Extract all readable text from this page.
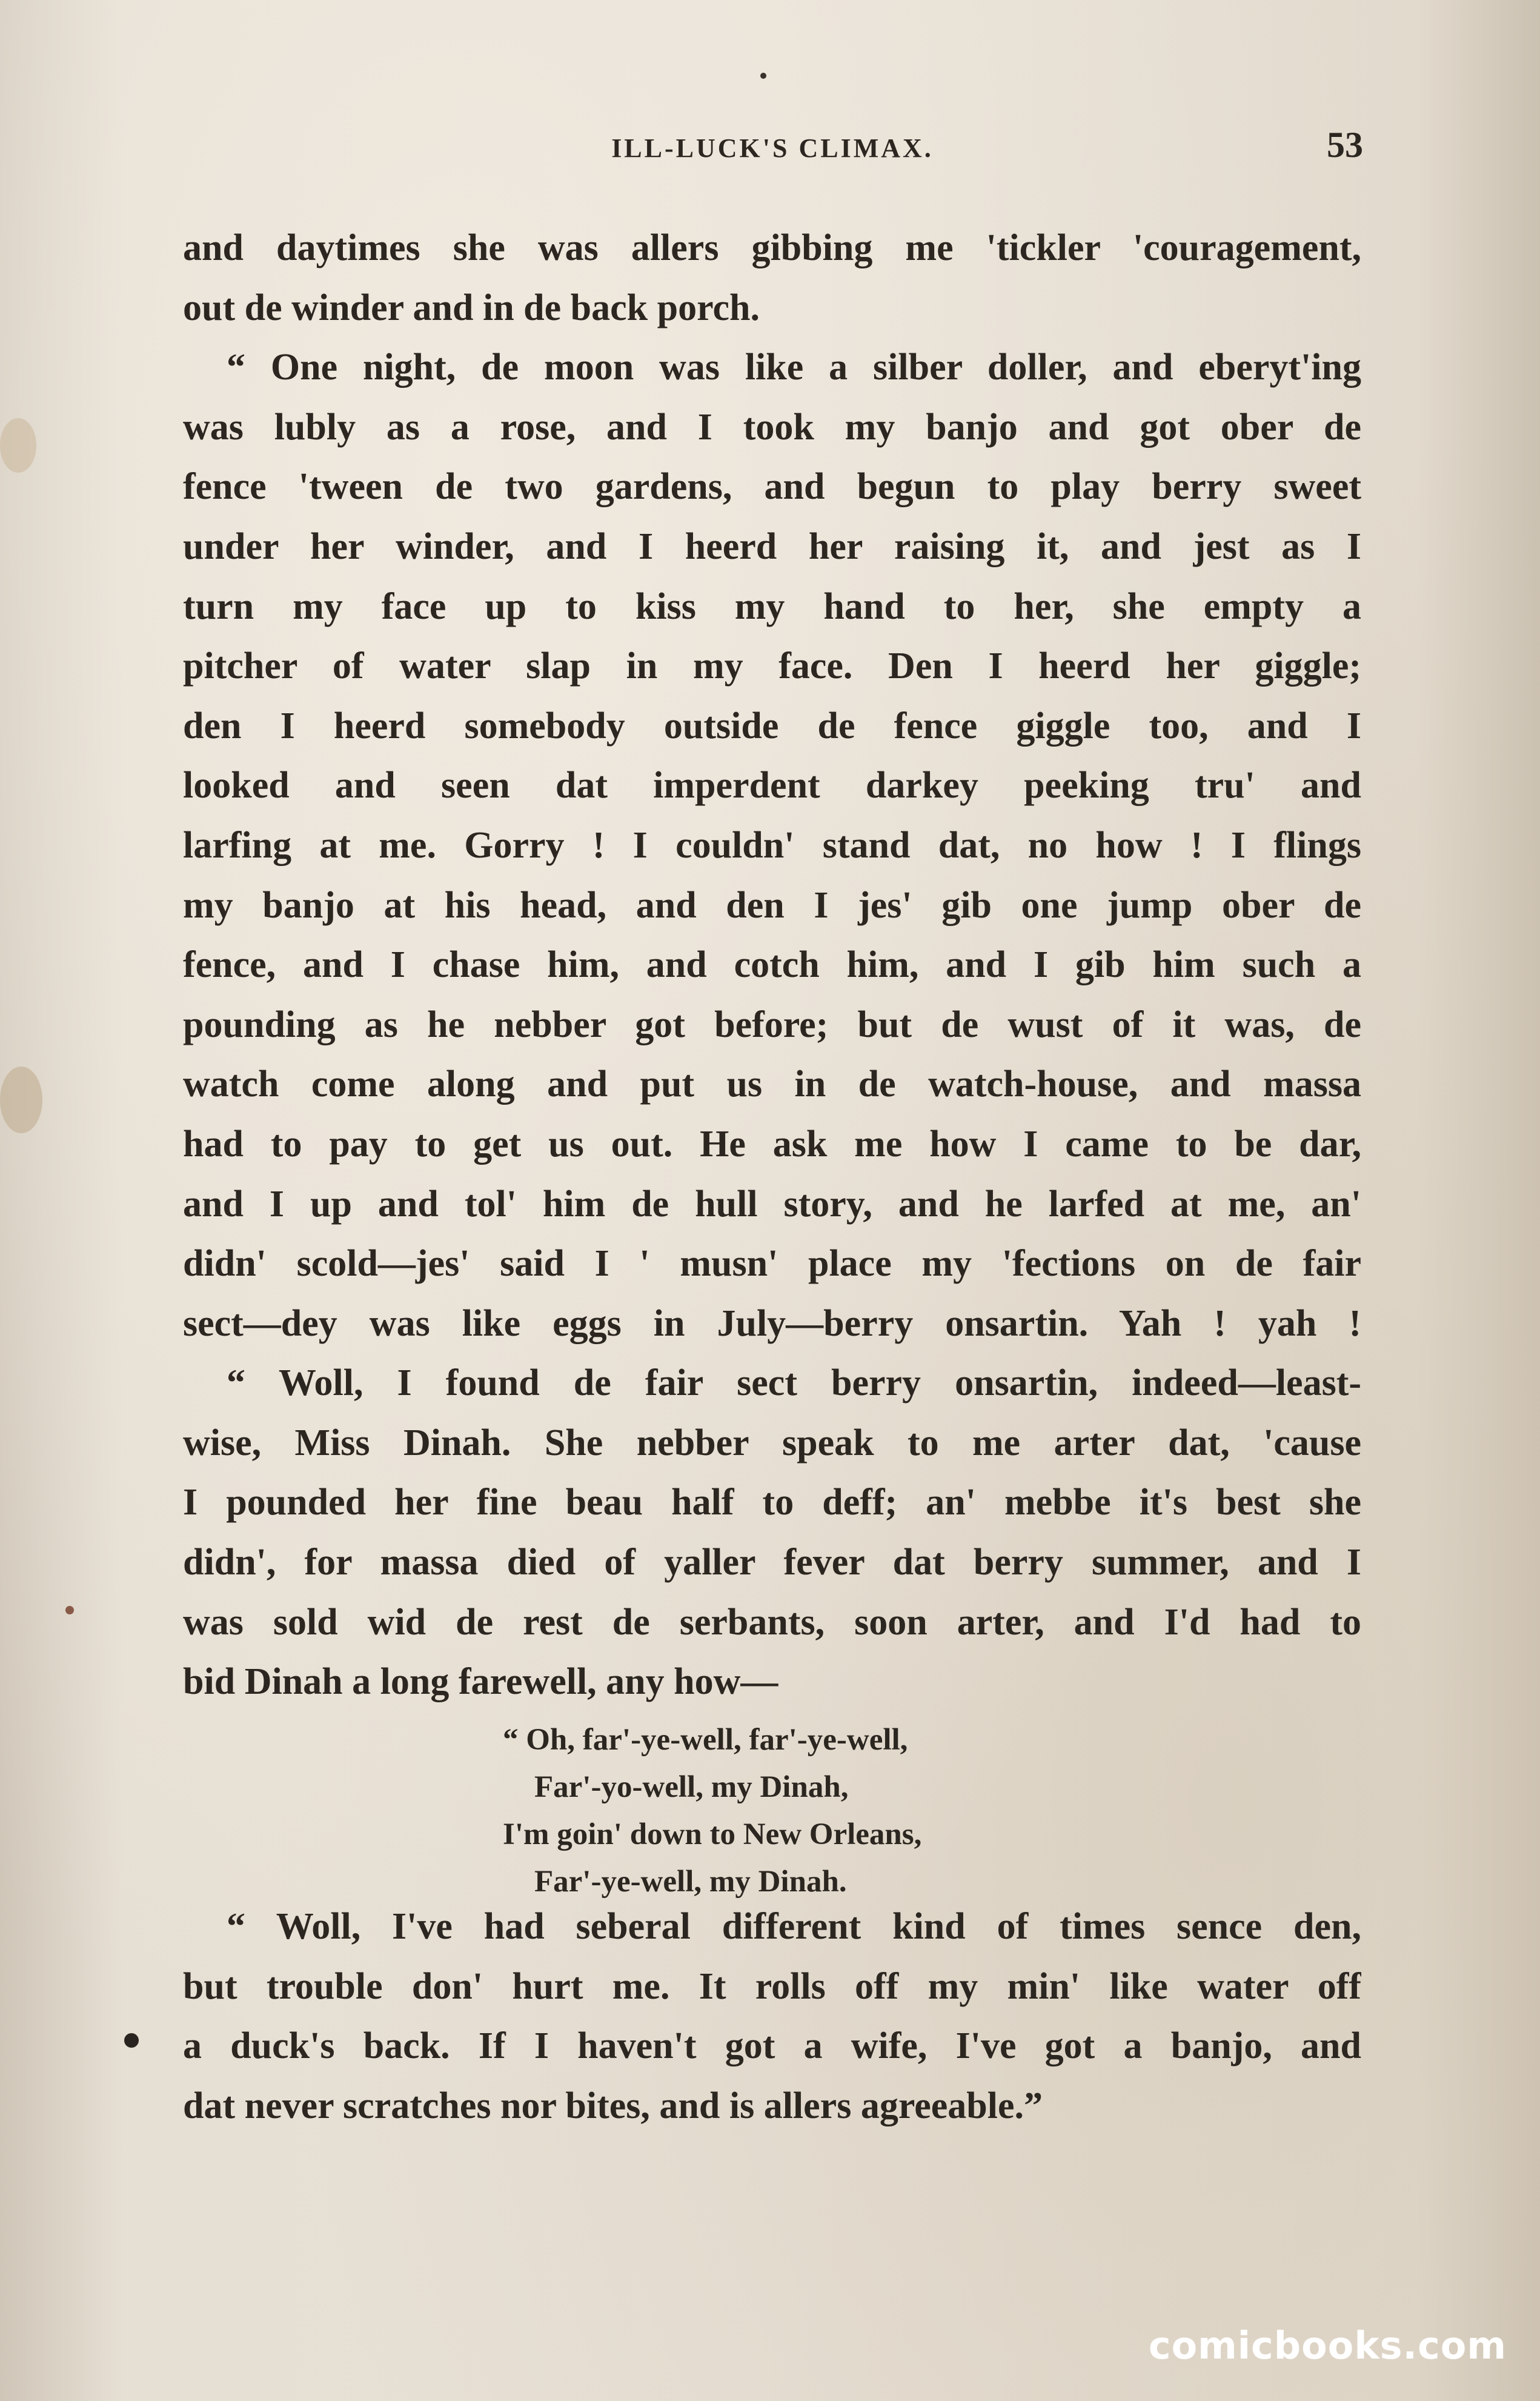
ILL-LUCK'S CLIMAX.	53
and daytimes she was allers gibbing me 'tickler 'couragement,
out de winder and in de back porch.
“ One night, de moon was like a silber doller, and eberyt'ing
was lubly as a rose, and I took my banjo and got ober de
fence 'tween de two gardens, and begun to play berry sweet
under her winder, and I heerd her raising it, and jest as I
turn my face up to kiss my hand to her, she empty a
pitcher of water slap in my face. Den I heerd her giggle;
den I heerd somebody outside de fence giggle too, and I
looked and seen dat imperdent darkey peeking tru' and
larfing at me. Gorry ! I couldn' stand dat, no how ! I flings
my banjo at his head, and den I jes' gib one jump ober de
fence, and I chase him, and cotch him, and I gib him such a
pounding as he nebber got before; but de wust of it was, de
watch come along and put us in de watch-house, and massa
had to pay to get us out. He ask me how I came to be dar,
and I up and tol' him de hull story, and he larfed at me, an'
didn' scold—jes' said I ' musn' place my 'fections on de fair
sect—dey was like eggs in July—berry onsartin. Yah ! yah !
“ Woll, I found de fair sect berry onsartin, indeed—least-
wise, Miss Dinah. She nebber speak to me arter dat, 'cause
I pounded her fine beau half to deff; an' mebbe it's best she
didn', for massa died of yaller fever dat berry summer, and I
was sold wid de rest de serbants, soon arter, and I'd had to
bid Dinah a long farewell, any how—
“ Oh, far'-ye-well, far'-ye-well,
Far'-yo-well, my Dinah,
I'm goin' down to New Orleans,
Far'-ye-well, my Dinah.
“ Woll, I've had seberal different kind of times sence den,
but trouble don' hurt me. It rolls off my min' like water off
a duck's back. If I haven't got a wife, I've got a banjo, and
dat never scratches nor bites, and is allers agreeable.”
comicbooks.com
